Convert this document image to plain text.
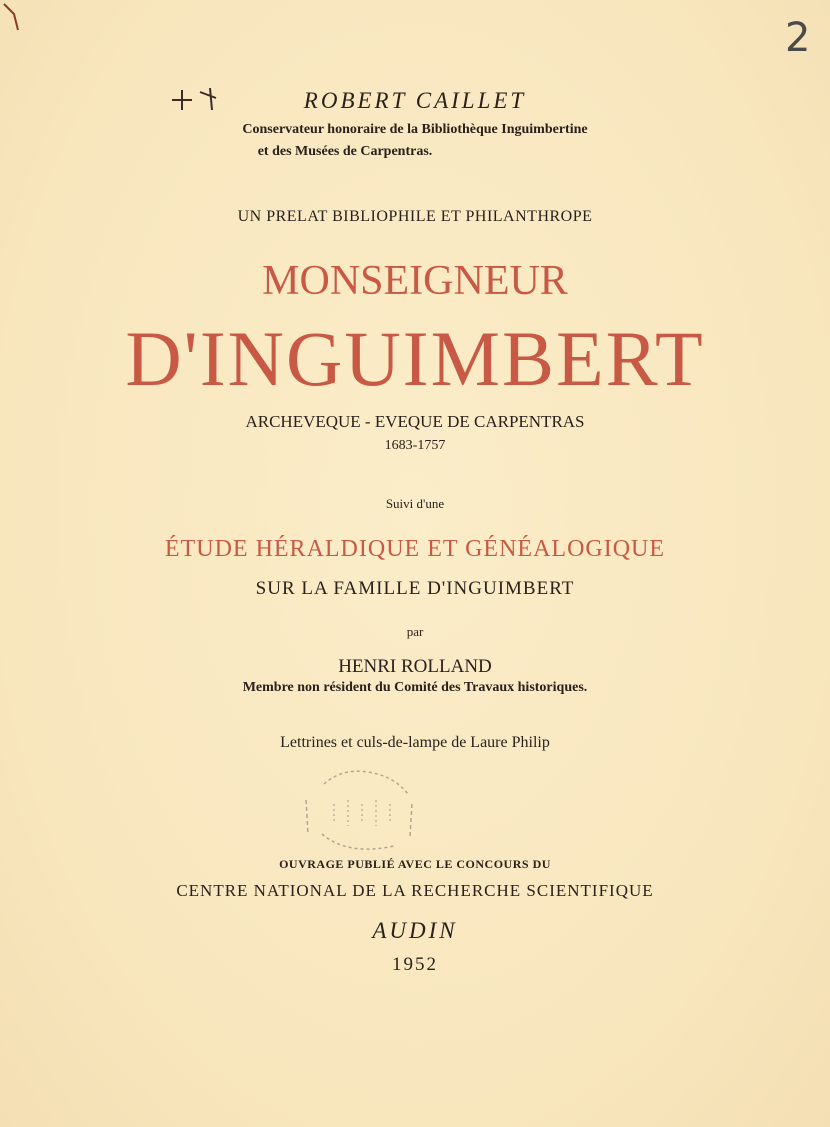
2
ROBERT CAILLET
Conservateur honoraire de la Bibliothèque Inguimbertine
et des Musées de Carpentras.
UN PRELAT BIBLIOPHILE ET PHILANTHROPE
MONSEIGNEUR
D'INGUIMBERT
ARCHEVEQUE - EVEQUE DE CARPENTRAS
1683-1757
Suivi d'une
ÉTUDE HÉRALDIQUE ET GÉNÉALOGIQUE
SUR LA FAMILLE D'INGUIMBERT
par
HENRI ROLLAND
Membre non résident du Comité des Travaux historiques.
Lettrines et culs-de-lampe de Laure Philip
OUVRAGE PUBLIÉ AVEC LE CONCOURS DU
CENTRE NATIONAL DE LA RECHERCHE SCIENTIFIQUE
AUDIN
1952
